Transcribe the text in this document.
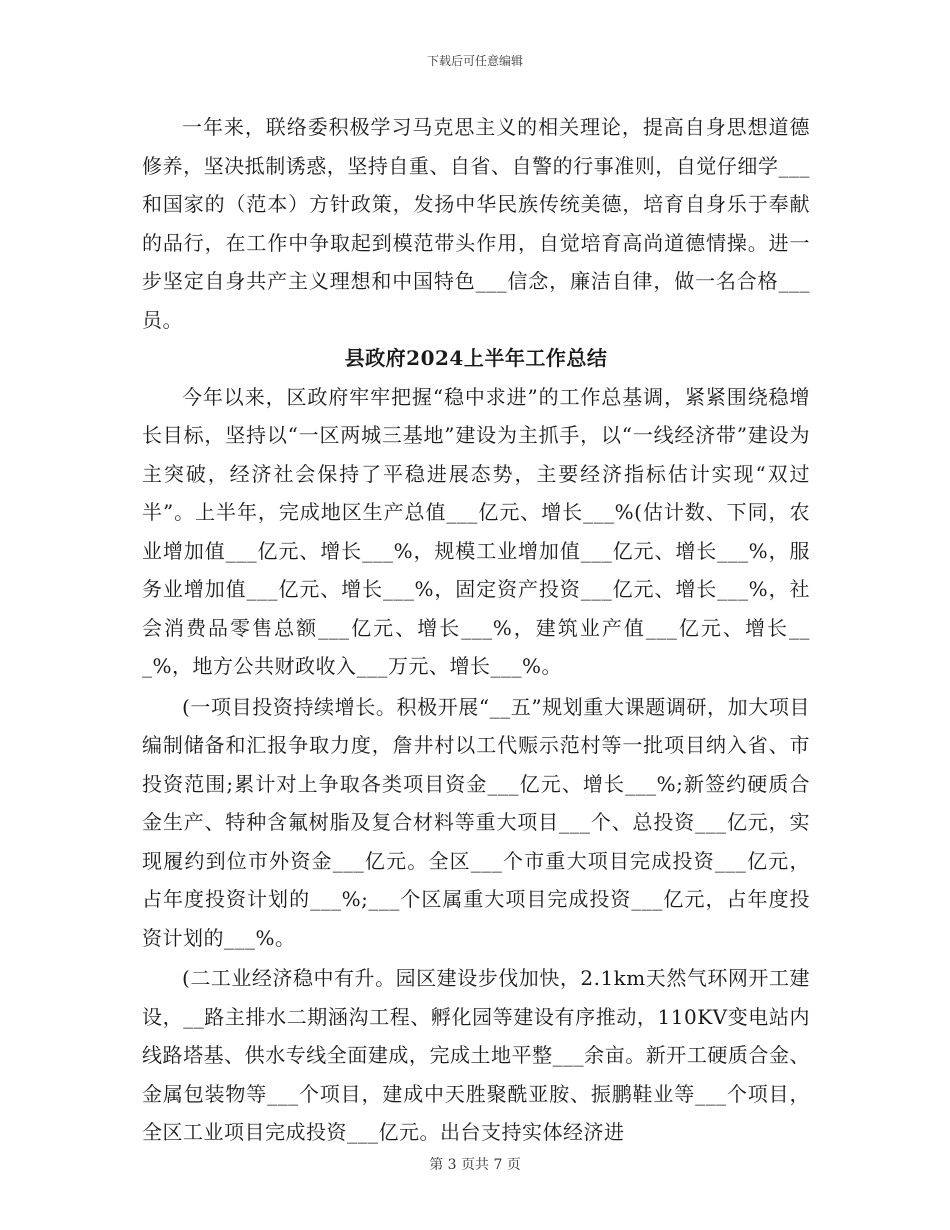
下载后可任意编辑

一年来，联络委积极学习马克思主义的相关理论，提高自身思想道德修养，坚决抵制诱惑，坚持自重、自省、自警的行事准则，自觉仔细学___和国家的（范本）方针政策，发扬中华民族传统美德，培育自身乐于奉献的品行，在工作中争取起到模范带头作用，自觉培育高尚道德情操。进一步坚定自身共产主义理想和中国特色___信念，廉洁自律，做一名合格___员。

县政府2024上半年工作总结

今年以来，区政府牢牢把握“稳中求进”的工作总基调，紧紧围绕稳增长目标，坚持以“一区两城三基地”建设为主抓手，以“一线经济带”建设为主突破，经济社会保持了平稳进展态势，主要经济指标估计实现“双过半”。上半年，完成地区生产总值___亿元、增长___%(估计数、下同，农业增加值___亿元、增长___%，规模工业增加值___亿元、增长___%，服务业增加值___亿元、增长___%，固定资产投资___亿元、增长___%，社会消费品零售总额___亿元、增长___%，建筑业产值___亿元、增长___%，地方公共财政收入___万元、增长___%。

(一项目投资持续增长。积极开展“__五”规划重大课题调研，加大项目编制储备和汇报争取力度，詹井村以工代赈示范村等一批项目纳入省、市投资范围;累计对上争取各类项目资金___亿元、增长___%;新签约硬质合金生产、特种含氟树脂及复合材料等重大项目___个、总投资___亿元，实现履约到位市外资金___亿元。全区___个市重大项目完成投资___亿元，占年度投资计划的___%;___个区属重大项目完成投资___亿元，占年度投资计划的___%。

(二工业经济稳中有升。园区建设步伐加快，2.1km天然气环网开工建设，__路主排水二期涵沟工程、孵化园等建设有序推动，110KV变电站内线路塔基、供水专线全面建成，完成土地平整___余亩。新开工硬质合金、金属包装物等___个项目，建成中天胜聚酰亚胺、振鹏鞋业等___个项目，全区工业项目完成投资___亿元。出台支持实体经济进

第 3 页共 7 页
